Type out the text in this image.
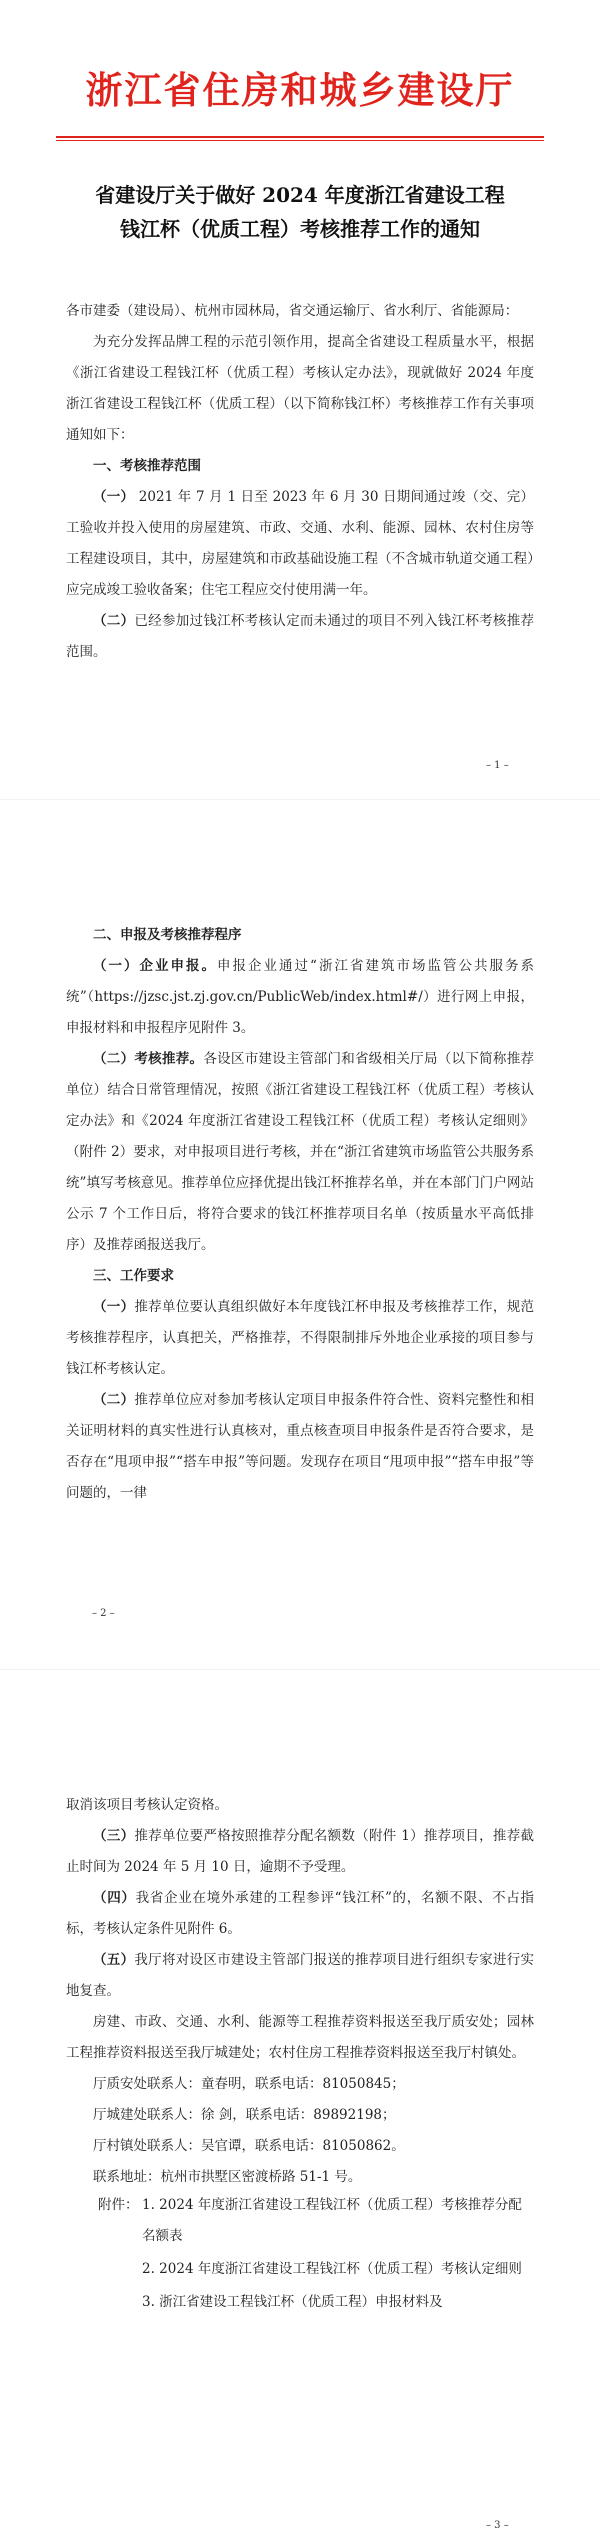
浙江省住房和城乡建设厅
省建设厅关于做好 2024 年度浙江省建设工程
钱江杯（优质工程）考核推荐工作的通知

各市建委（建设局）、杭州市园林局，省交通运输厅、省水利厅、省能源局：

为充分发挥品牌工程的示范引领作用，提高全省建设工程质量水平，根据《浙江省建设工程钱江杯（优质工程）考核认定办法》，现就做好 2024 年度浙江省建设工程钱江杯（优质工程）（以下简称钱江杯）考核推荐工作有关事项通知如下：

一、考核推荐范围

（一） 2021 年 7 月 1 日至 2023 年 6 月 30 日期间通过竣（交、完）工验收并投入使用的房屋建筑、市政、交通、水利、能源、园林、农村住房等工程建设项目，其中，房屋建筑和市政基础设施工程（不含城市轨道交通工程）应完成竣工验收备案；住宅工程应交付使用满一年。

（二）已经参加过钱江杯考核认定而未通过的项目不列入钱江杯考核推荐范围。

– 1 –

二、申报及考核推荐程序

（一）企业申报。申报企业通过“浙江省建筑市场监管公共服务系统”（https://jzsc.jst.zj.gov.cn/PublicWeb/index.html#/）进行网上申报，申报材料和申报程序见附件 3。

（二）考核推荐。各设区市建设主管部门和省级相关厅局（以下简称推荐单位）结合日常管理情况，按照《浙江省建设工程钱江杯（优质工程）考核认定办法》和《2024 年度浙江省建设工程钱江杯（优质工程）考核认定细则》（附件 2）要求，对申报项目进行考核，并在“浙江省建筑市场监管公共服务系统”填写考核意见。推荐单位应择优提出钱江杯推荐名单，并在本部门门户网站公示 7 个工作日后，将符合要求的钱江杯推荐项目名单（按质量水平高低排序）及推荐函报送我厅。

三、工作要求

（一）推荐单位要认真组织做好本年度钱江杯申报及考核推荐工作，规范考核推荐程序，认真把关，严格推荐，不得限制排斥外地企业承接的项目参与钱江杯考核认定。

（二）推荐单位应对参加考核认定项目申报条件符合性、资料完整性和相关证明材料的真实性进行认真核对，重点核查项目申报条件是否符合要求，是否存在“甩项申报”“搭车申报”等问题。发现存在项目“甩项申报”“搭车申报”等问题的，一律

– 2 –

取消该项目考核认定资格。

（三）推荐单位要严格按照推荐分配名额数（附件 1）推荐项目，推荐截止时间为 2024 年 5 月 10 日，逾期不予受理。

（四）我省企业在境外承建的工程参评“钱江杯”的，名额不限、不占指标，考核认定条件见附件 6。

（五）我厅将对设区市建设主管部门报送的推荐项目进行组织专家进行实地复查。

房建、市政、交通、水利、能源等工程推荐资料报送至我厅质安处；园林工程推荐资料报送至我厅城建处；农村住房工程推荐资料报送至我厅村镇处。

厅质安处联系人：童春明，联系电话：81050845；

厅城建处联系人：徐 剑，联系电话：89892198；

厅村镇处联系人：吴官谭，联系电话：81050862。

联系地址：杭州市拱墅区密渡桥路 51-1 号。

附件： 1. 2024 年度浙江省建设工程钱江杯（优质工程）考核推荐分配名额表

2. 2024 年度浙江省建设工程钱江杯（优质工程）考核认定细则

3. 浙江省建设工程钱江杯（优质工程）申报材料及

– 3 –
